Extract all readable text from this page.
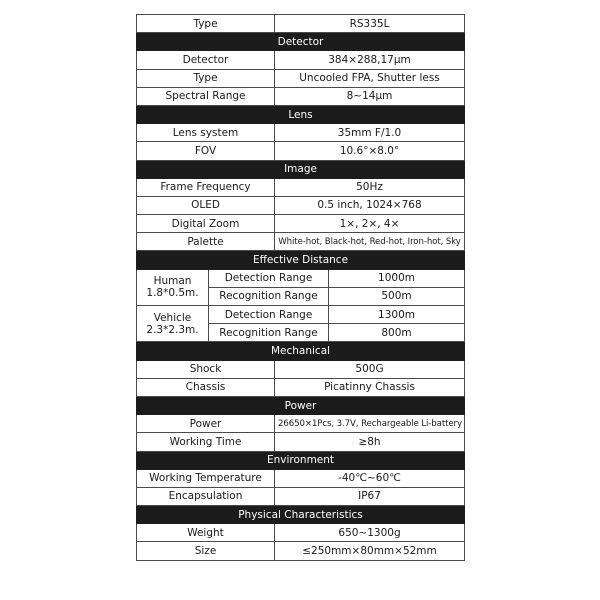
Type		RS335L	
Detector			
Detector		384×288,17μm	
Type		Uncooled FPA, Shutter less	
Spectral Range		8~14μm	
Lens			
Lens system		35mm F/1.0	
FOV		10.6°×8.0°	
Image			
Frame Frequency		50Hz	
OLED		0.5 inch, 1024×768	
Digital Zoom		1×, 2×, 4×	
Palette		White-hot, Black-hot, Red-hot, Iron-hot, Sky	
Effective Distance			
Human
1.8*0.5m.	Detection Range		1000m
	Recognition Range		500m
Vehicle
2.3*2.3m.	Detection Range		1300m
	Recognition Range		800m
Mechanical			
Shock		500G	
Chassis		Picatinny Chassis	
Power			
Power		26650×1Pcs, 3.7V, Rechargeable Li-battery	
Working Time		≥8h	
Environment			
Working Temperature		-40℃~60℃	
Encapsulation		IP67	
Physical Characteristics			
Weight		650~1300g	
Size		≤250mm×80mm×52mm	
